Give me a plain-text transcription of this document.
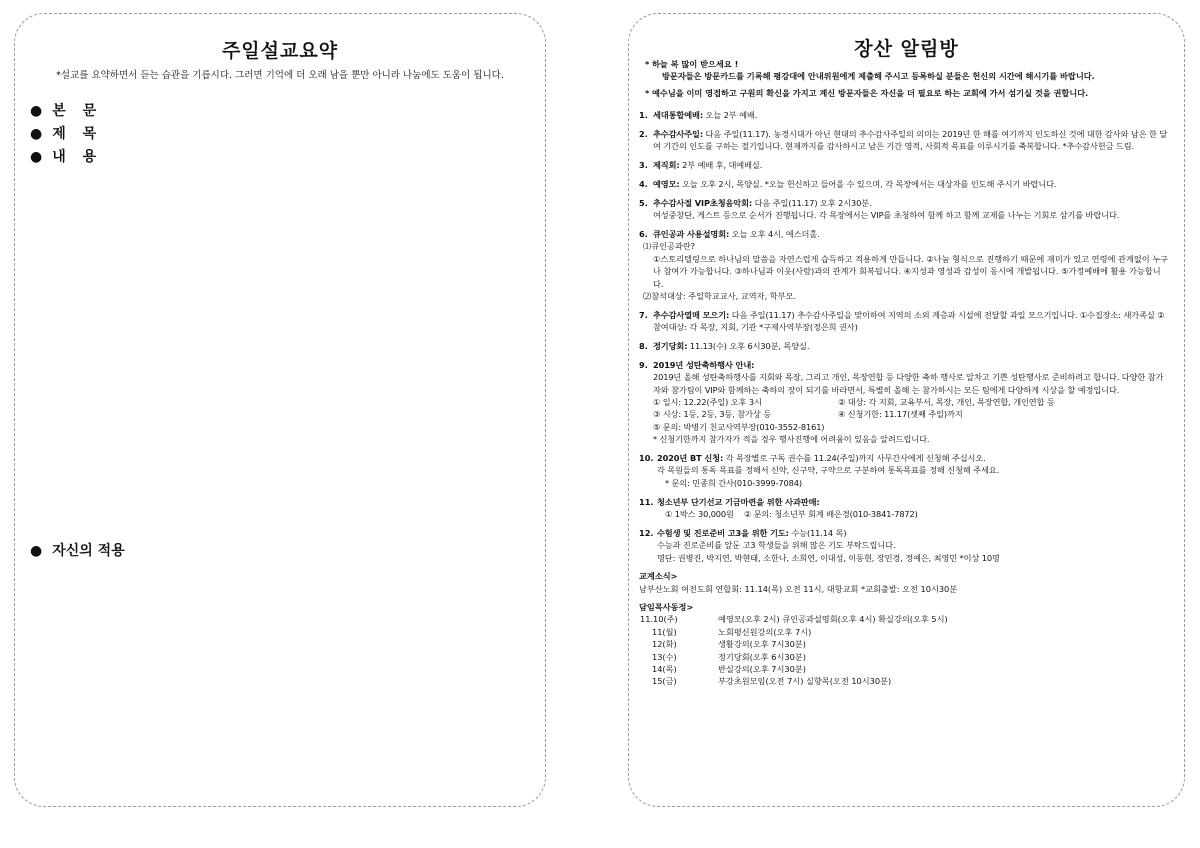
주일설교요약
*설교를 요약하면서 듣는 습관을 기릅시다. 그러면 기억에 더 오래 남을 뿐만 아니라 나눔에도 도움이 됩니다.
● 본 문
● 제 목
● 내 용
● 자신의 적용
장산 알림방
* 하늘 복 많이 받으세요 !
방문자들은 방문카드를 기록해 평강대에 안내위원에게 제출해 주시고 등록하실 분들은 헌신의 시간에 해시기를 바랍니다.
* 예수님을 이미 영접하고 구원의 확신을 가지고 계신 방문자들은 자신을 더 필요로 하는 교회에 가서 섬기실 것을 권합니다.
1. 세대통합예배: 오늘 2부 예배.
2. 추수감사주일: 다음 주일(11.17). 농경시대가 아닌 현대의 추수감사주일의 의미는 2019년 한 해를 여기까지 인도하신 것에 대한 감사와 남은 한 달여 기간의 인도를 구하는 절기입니다. 현재까지를 감사하시고 남은 기간 영적, 사회적 목표를 이루시기를 축복합니다. *추수감사헌금 드림.
3. 제직회: 2부 예배 후, 대예배실.
4. 예영모: 오늘 오후 2시, 목양실. *오늘 헌신하고 들어올 수 있으며, 각 목장에서는 대상자를 인도해 주시기 바랍니다.
5. 추수감사절 VIP초청음악회: 다음 주일(11.17) 오후 2시30분.
여성중창단, 게스트 등으로 순서가 진행됩니다. 각 목장에서는 VIP를 초청하여 함께 하고 함께 교제를 나누는 기회로 삼기를 바랍니다.
6. 큐인공과 사용설명회: 오늘 오후 4시, 에스더홀.
⑴큐인공과란?
①스토리텔링으로 하나님의 말씀을 자연스럽게 습득하고 적용하게 만듭니다. ②나눔 형식으로 진행하기 때문에 재미가 있고 연령에 관계없이 누구나 참여가 가능합니다. ③하나님과 이웃(사람)과의 관계가 회복됩니다. ④지성과 영성과 감성이 동시에 개발됩니다. ⑤가정예배에 활용 가능합니다.
⑵참석대상: 주일학교교사, 교역자, 학부모.
7. 추수감사열매 모으기: 다음 주일(11.17) 추수감사주일을 맞이하여 지역의 소외 계층과 시설에 전달할 과일 모으기입니다. ①수집장소: 새가족실 ②참여대상: 각 목장, 지회, 기관 *구제사역부장(정은희 권사)
8. 정기당회: 11.13(수) 오후 6시30분, 목양실.
9. 2019년 성탄축하행사 안내:
2019년 올해 성탄축하행사를 지회와 목장, 그리고 개인, 목장연합 등 다양한 축하 행사로 알차고 기쁜 성탄행사로 준비하려고 합니다. 다양한 참가자와 참가팀이 VIP와 함께하는 축하의 장이 되기를 바라면서, 특별히 올해 는 참가하시는 모든 팀에게 다양하게 시상을 할 예정입니다.
① 일시: 12.22(주일) 오후 3시	② 대상: 각 지회, 교육부서, 목장, 개인, 목장연합, 개인연합 등
③ 시상: 1등, 2등, 3등, 참가상 등	④ 신청기한: 11.17(셋째 주일)까지
⑤ 문의: 박병기 친교사역부장(010-3552-8161)
* 신청기한까지 참가자가 적을 경우 행사진행에 어려움이 있음을 알려드립니다.
10. 2020년 BT 신청: 각 목장별로 구독 권수를 11.24(주일)까지 사무간사에게 신청해 주십시오.
각 목원들의 통독 목표를 정해서 신약, 신구약, 구약으로 구분하여 통독목표를 정해 신청해 주세요.
* 문의: 민종희 간사(010-3999-7084)
11. 청소년부 단기선교 기금마련을 위한 사과판매:
① 1박스 30,000원    ② 문의: 청소년부 회계 배은경(010-3841-7872)
12. 수험생 및 진로준비 고3을 위한 기도: 수능(11.14 목)
수능과 진로준비를 앞둔 고3 학생들을 위해 많은 기도 부탁드립니다.
명단: 권병진, 박지연, 박현태, 소한나, 소희연, 이대성, 이동현, 장민경, 정예은, 최영민 *이상 10명
교계소식>
남부산노회 여전도회 연합회: 11.14(목) 오전 11시, 대항교회 *교회출발: 오전 10시30분
담임목사동정>
11.10(주)	예영모(오후 2시) 큐인공과설명회(오후 4시) 확실강의(오후 5시)
11(월)	노회평신원강의(오후 7시)
12(화)	생활강의(오후 7시30분)
13(수)	정기당회(오후 6시30분)
14(목)	반실강의(오후 7시30분)
15(금)	부강초원모임(오전 7시) 실향목(오전 10시30분)
